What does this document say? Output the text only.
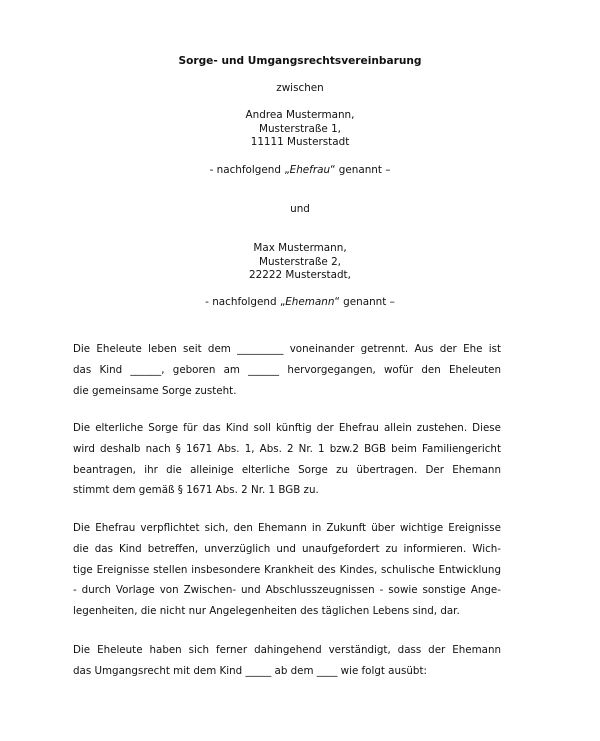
Sorge- und Umgangsrechtsvereinbarung
zwischen
Andrea Mustermann,
Musterstraße 1,
11111 Musterstadt
- nachfolgend „Ehefrau“ genannt –
und
Max Mustermann,
Musterstraße 2,
22222 Musterstadt,
- nachfolgend „Ehemann“ genannt –
Die Eheleute leben seit dem _________ voneinander getrennt. Aus der Ehe ist
das Kind ______, geboren am ______ hervorgegangen, wofür den Eheleuten
die gemeinsame Sorge zusteht.
Die elterliche Sorge für das Kind soll künftig der Ehefrau allein zustehen. Diese
wird deshalb nach § 1671 Abs. 1, Abs. 2 Nr. 1 bzw.2 BGB beim Familiengericht
beantragen, ihr die alleinige elterliche Sorge zu übertragen. Der Ehemann
stimmt dem gemäß § 1671 Abs. 2 Nr. 1 BGB zu.
Die Ehefrau verpflichtet sich, den Ehemann in Zukunft über wichtige Ereignisse
die das Kind betreffen, unverzüglich und unaufgefordert zu informieren. Wich-
tige Ereignisse stellen insbesondere Krankheit des Kindes, schulische Entwicklung
- durch Vorlage von Zwischen- und Abschlusszeugnissen - sowie sonstige Ange-
legenheiten, die nicht nur Angelegenheiten des täglichen Lebens sind, dar.
Die Eheleute haben sich ferner dahingehend verständigt, dass der Ehemann
das Umgangsrecht mit dem Kind _____ ab dem ____ wie folgt ausübt:
